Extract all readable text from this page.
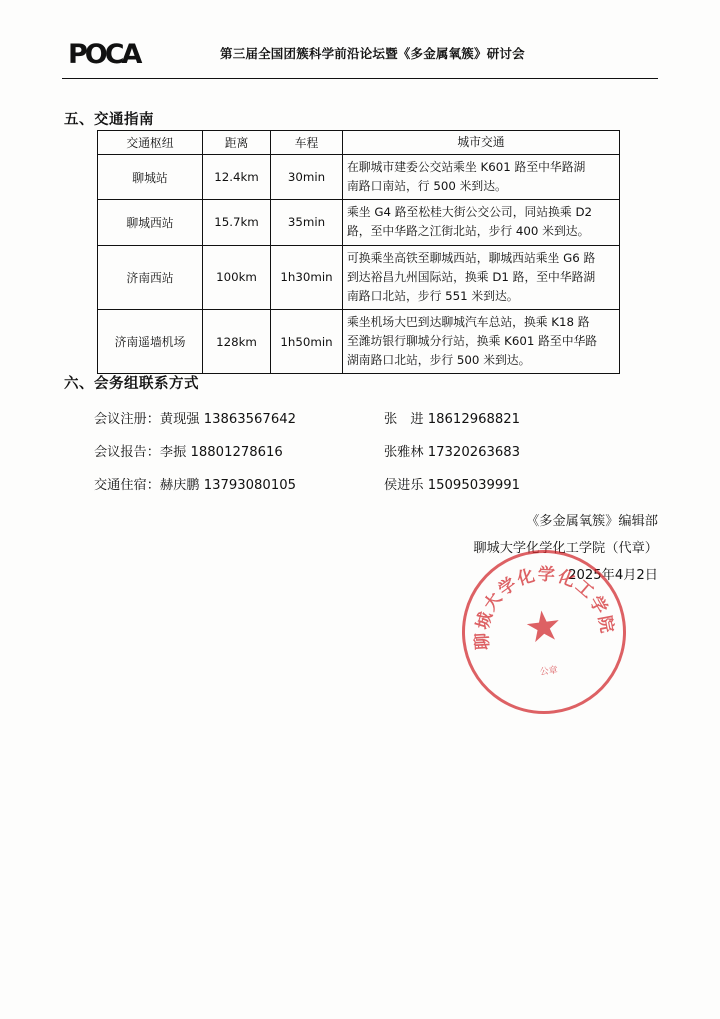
POCA	第三届全国团簇科学前沿论坛暨《多金属氧簇》研讨会
五、交通指南
交通枢纽	距离	车程	城市交通
聊城站	12.4km	30min	在聊城市建委公交站乘坐 K601 路至中华路湖
南路口南站，行 500 米到达。

聊城西站	15.7km	35min	乘坐 G4 路至松桂大街公交公司，同站换乘 D2
路，至中华路之江街北站，步行 400 米到达。

济南西站	100km	1h30min	可换乘坐高铁至聊城西站，聊城西站乘坐 G6 路
到达裕昌九州国际站，换乘 D1 路，至中华路湖
南路口北站，步行 551 米到达。

济南遥墙机场	128km	1h50min	乘坐机场大巴到达聊城汽车总站，换乘 K18 路
至潍坊银行聊城分行站，换乘 K601 路至中华路
湖南路口北站，步行 500 米到达。
六、会务组联系方式
会议注册：黄现强 13863567642	张　进 18612968821
会议报告：李振 18801278616	张雅林 17320263683
交通住宿：赫庆鹏 13793080105	侯进乐 15095039991
《多金属氧簇》编辑部
聊城大学化学化工学院（代章）
2025年4月2日
聊城大学化学化工学院
★
公章
